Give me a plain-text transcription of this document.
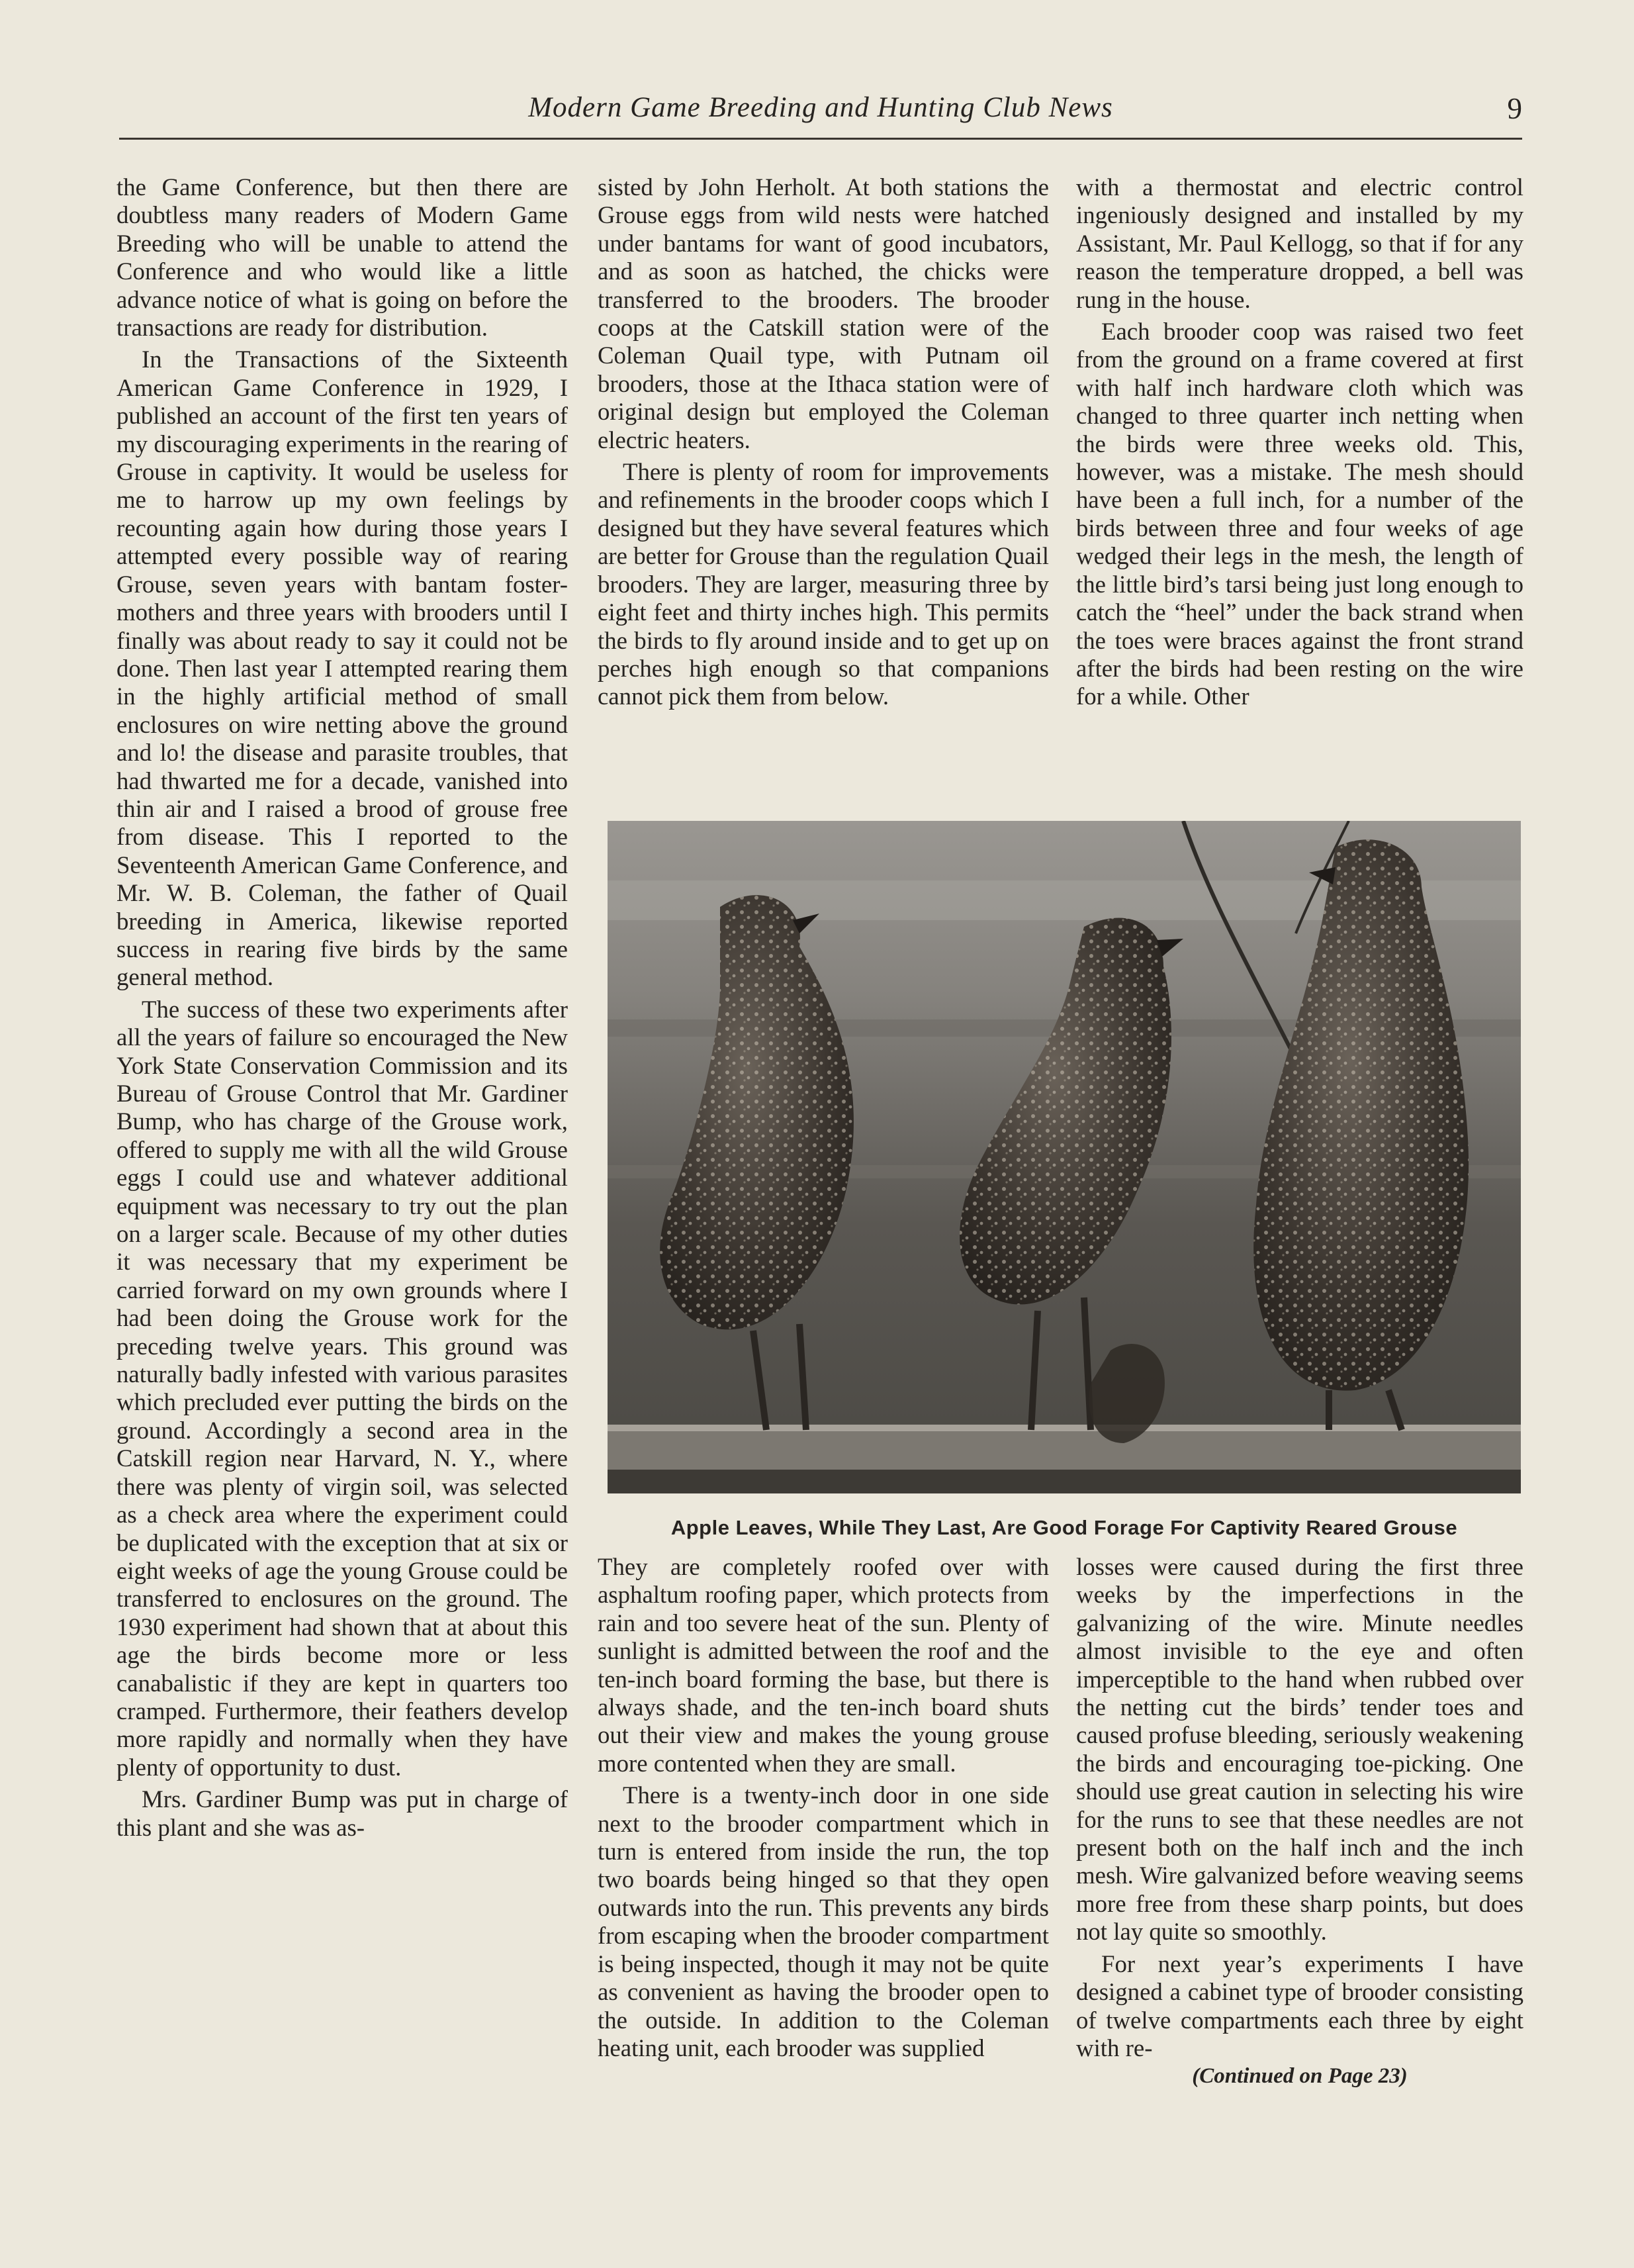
Modern Game Breeding and Hunting Club News	9

the Game Conference, but then there are doubtless many readers of Modern Game Breeding who will be unable to attend the Conference and who would like a little advance notice of what is going on before the transactions are ready for distribution.

In the Transactions of the Sixteenth American Game Conference in 1929, I published an account of the first ten years of my discouraging experiments in the rearing of Grouse in captivity. It would be useless for me to harrow up my own feelings by recounting again how during those years I attempted every possible way of rearing Grouse, seven years with bantam foster-mothers and three years with brooders until I finally was about ready to say it could not be done. Then last year I attempted rearing them in the highly artificial method of small enclosures on wire netting above the ground and lo! the disease and parasite troubles, that had thwarted me for a decade, vanished into thin air and I raised a brood of grouse free from disease. This I reported to the Seventeenth American Game Conference, and Mr. W. B. Coleman, the father of Quail breeding in America, likewise reported success in rearing five birds by the same general method.

The success of these two experiments after all the years of failure so encouraged the New York State Conservation Commission and its Bureau of Grouse Control that Mr. Gardiner Bump, who has charge of the Grouse work, offered to supply me with all the wild Grouse eggs I could use and whatever additional equipment was necessary to try out the plan on a larger scale. Because of my other duties it was necessary that my experiment be carried forward on my own grounds where I had been doing the Grouse work for the preceding twelve years. This ground was naturally badly infested with various parasites which precluded ever putting the birds on the ground. Accordingly a second area in the Catskill region near Harvard, N. Y., where there was plenty of virgin soil, was selected as a check area where the experiment could be duplicated with the exception that at six or eight weeks of age the young Grouse could be transferred to enclosures on the ground. The 1930 experiment had shown that at about this age the birds become more or less canabalistic if they are kept in quarters too cramped. Furthermore, their feathers develop more rapidly and normally when they have plenty of opportunity to dust.

Mrs. Gardiner Bump was put in charge of this plant and she was as-

sisted by John Herholt. At both stations the Grouse eggs from wild nests were hatched under bantams for want of good incubators, and as soon as hatched, the chicks were transferred to the brooders. The brooder coops at the Catskill station were of the Coleman Quail type, with Putnam oil brooders, those at the Ithaca station were of original design but employed the Coleman electric heaters.

There is plenty of room for improvements and refinements in the brooder coops which I designed but they have several features which are better for Grouse than the regulation Quail brooders. They are larger, measuring three by eight feet and thirty inches high. This permits the birds to fly around inside and to get up on perches high enough so that companions cannot pick them from below.

with a thermostat and electric control ingeniously designed and installed by my Assistant, Mr. Paul Kellogg, so that if for any reason the temperature dropped, a bell was rung in the house.

Each brooder coop was raised two feet from the ground on a frame covered at first with half inch hardware cloth which was changed to three quarter inch netting when the birds were three weeks old. This, however, was a mistake. The mesh should have been a full inch, for a number of the birds between three and four weeks of age wedged their legs in the mesh, the length of the little bird’s tarsi being just long enough to catch the “heel” under the back strand when the toes were braces against the front strand after the birds had been resting on the wire for a while. Other

Apple Leaves, While They Last, Are Good Forage For Captivity Reared Grouse

They are completely roofed over with asphaltum roofing paper, which protects from rain and too severe heat of the sun. Plenty of sunlight is admitted between the roof and the ten-inch board forming the base, but there is always shade, and the ten-inch board shuts out their view and makes the young grouse more contented when they are small.

There is a twenty-inch door in one side next to the brooder compartment which in turn is entered from inside the run, the top two boards being hinged so that they open outwards into the run. This prevents any birds from escaping when the brooder compartment is being inspected, though it may not be quite as convenient as having the brooder open to the outside. In addition to the Coleman heating unit, each brooder was supplied

losses were caused during the first three weeks by the imperfections in the galvanizing of the wire. Minute needles almost invisible to the eye and often imperceptible to the hand when rubbed over the netting cut the birds’ tender toes and caused profuse bleeding, seriously weakening the birds and encouraging toe-picking. One should use great caution in selecting his wire for the runs to see that these needles are not present both on the half inch and the inch mesh. Wire galvanized before weaving seems more free from these sharp points, but does not lay quite so smoothly.

For next year’s experiments I have designed a cabinet type of brooder consisting of twelve compartments each three by eight with re-

(Continued on Page 23)
